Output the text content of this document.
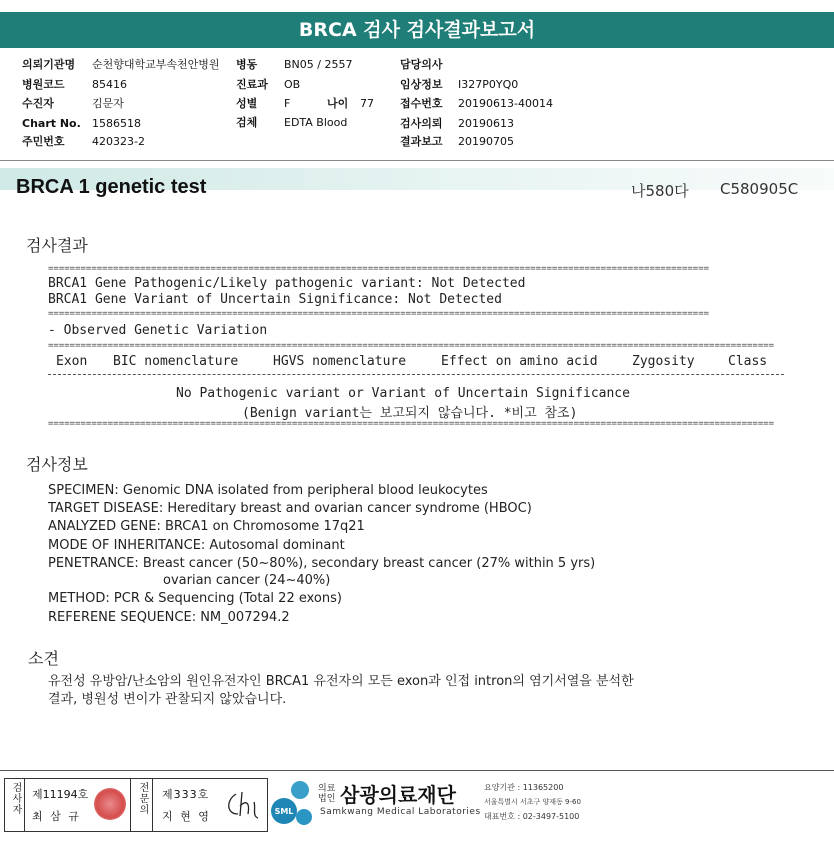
BRCA 검사 검사결과보고서
의뢰기관명 순천향대학교부속천안병원 병동 BN05 / 2557	담당의사
병원코드 85416	진료과 OB	임상정보 I327P0YQ0
수진자	김문자	성별 F	나이 77 접수번호 20190613-40014
Chart No. 1586518	검체 EDTA Blood	검사의뢰 20190613
주민번호 420323-2	결과보고 20190705
BRCA 1 genetic test	나580다 C580905C
검사결과
==========================================================================================================================
BRCA1 Gene Pathogenic/Likely pathogenic variant: Not Detected
BRCA1 Gene Variant of Uncertain Significance: Not Detected
==========================================================================================================================
- Observed Genetic Variation
======================================================================================================================================
Exon BIC nomenclature	HGVS nomenclature	Effect on amino acid	Zygosity	Class
No Pathogenic variant or Variant of Uncertain Significance
(Benign variant는 보고되지 않습니다. *비고 참조)
======================================================================================================================================
검사정보
SPECIMEN: Genomic DNA isolated from peripheral blood leukocytes
TARGET DISEASE: Hereditary breast and ovarian cancer syndrome (HBOC)
ANALYZED GENE: BRCA1 on Chromosome 17q21
MODE OF INHERITANCE: Autosomal dominant
PENETRANCE: Breast cancer (50~80%), secondary breast cancer (27% within 5 yrs)
ovarian cancer (24~40%)
METHOD: PCR & Sequencing (Total 22 exons)
REFERENE SEQUENCE: NM_007294.2
소견
유전성 유방암/난소암의 원인유전자인 BRCA1 유전자의 모든 exon과 인접 intron의 염기서열을 분석한
결과, 병원성 변이가 관찰되지 않았습니다.
검사자 제11194호
최 삼 규
전문의 제333호
지 현 영	SML
의료
법인 삼광의료재단
Samkwang Medical Laboratories
요양기관 : 11365200
서울특별시 서초구 양재동 9-60
대표번호 : 02-3497-5100
